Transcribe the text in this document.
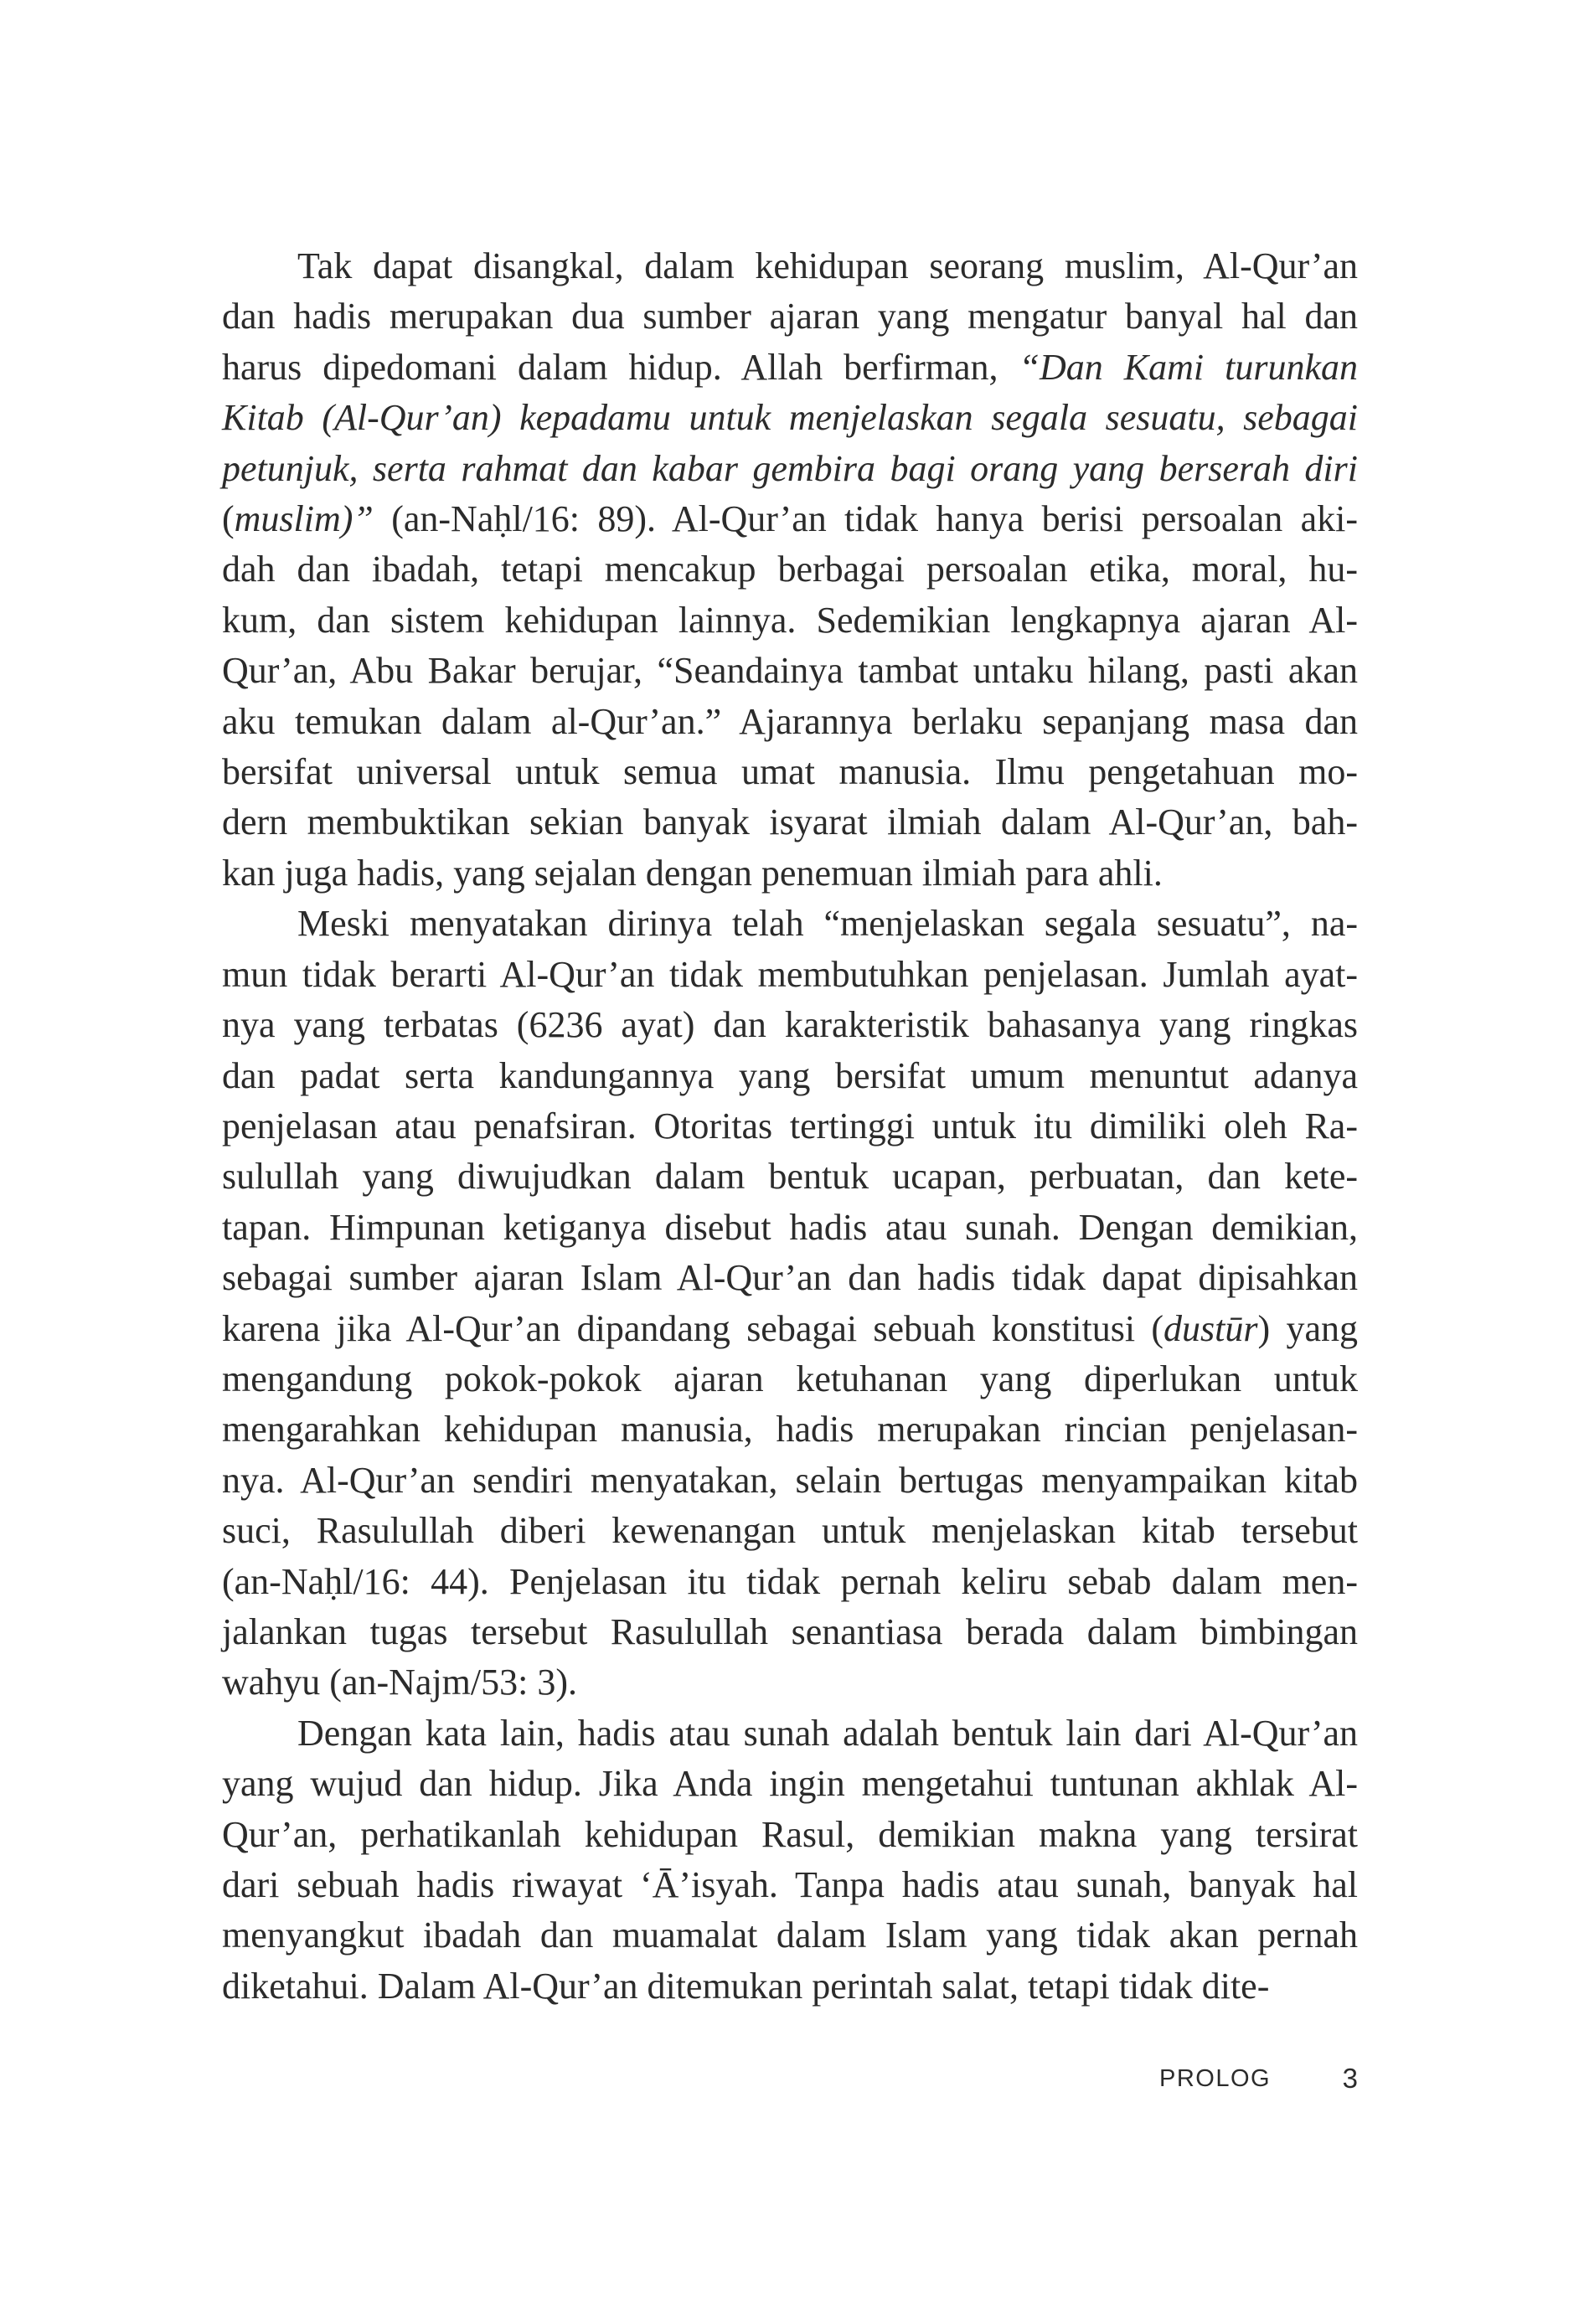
Tak dapat disangkal, dalam kehidupan seorang muslim, Al-Qur’an
dan hadis merupakan dua sumber ajaran yang mengatur banyal hal dan
harus dipedomani dalam hidup. Allah berfirman, “Dan Kami turunkan
Kitab (Al-Qur’an) kepadamu untuk menjelaskan segala sesuatu, sebagai
petunjuk, serta rahmat dan kabar gembira bagi orang yang berserah diri
(muslim)” (an-Naḥl/16: 89). Al-Qur’an tidak hanya berisi persoalan aki-
dah dan ibadah, tetapi mencakup berbagai persoalan etika, moral, hu-
kum, dan sistem kehidupan lainnya. Sedemikian lengkapnya ajaran Al-
Qur’an, Abu Bakar berujar, “Seandainya tambat untaku hilang, pasti akan
aku temukan dalam al-Qur’an.” Ajarannya berlaku sepanjang masa dan
bersifat universal untuk semua umat manusia. Ilmu pengetahuan mo-
dern membuktikan sekian banyak isyarat ilmiah dalam Al-Qur’an, bah-
kan juga hadis, yang sejalan dengan penemuan ilmiah para ahli.

Meski menyatakan dirinya telah “menjelaskan segala sesuatu”, na-
mun tidak berarti Al-Qur’an tidak membutuhkan penjelasan. Jumlah ayat-
nya yang terbatas (6236 ayat) dan karakteristik bahasanya yang ringkas
dan padat serta kandungannya yang bersifat umum menuntut adanya
penjelasan atau penafsiran. Otoritas tertinggi untuk itu dimiliki oleh Ra-
sulullah yang diwujudkan dalam bentuk ucapan, perbuatan, dan kete-
tapan. Himpunan ketiganya disebut hadis atau sunah. Dengan demikian,
sebagai sumber ajaran Islam Al-Qur’an dan hadis tidak dapat dipisahkan
karena jika Al-Qur’an dipandang sebagai sebuah konstitusi (dustūr) yang
mengandung pokok-pokok ajaran ketuhanan yang diperlukan untuk
mengarahkan kehidupan manusia, hadis merupakan rincian penjelasan-
nya. Al-Qur’an sendiri menyatakan, selain bertugas menyampaikan kitab
suci, Rasulullah diberi kewenangan untuk menjelaskan kitab tersebut
(an-Naḥl/16: 44). Penjelasan itu tidak pernah keliru sebab dalam men-
jalankan tugas tersebut Rasulullah senantiasa berada dalam bimbingan
wahyu (an-Najm/53: 3).

Dengan kata lain, hadis atau sunah adalah bentuk lain dari Al-Qur’an
yang wujud dan hidup. Jika Anda ingin mengetahui tuntunan akhlak Al-
Qur’an, perhatikanlah kehidupan Rasul, demikian makna yang tersirat
dari sebuah hadis riwayat ‘Ā’isyah. Tanpa hadis atau sunah, banyak hal
menyangkut ibadah dan muamalat dalam Islam yang tidak akan pernah
diketahui. Dalam Al-Qur’an ditemukan perintah salat, tetapi tidak dite-

PROLOG	3
